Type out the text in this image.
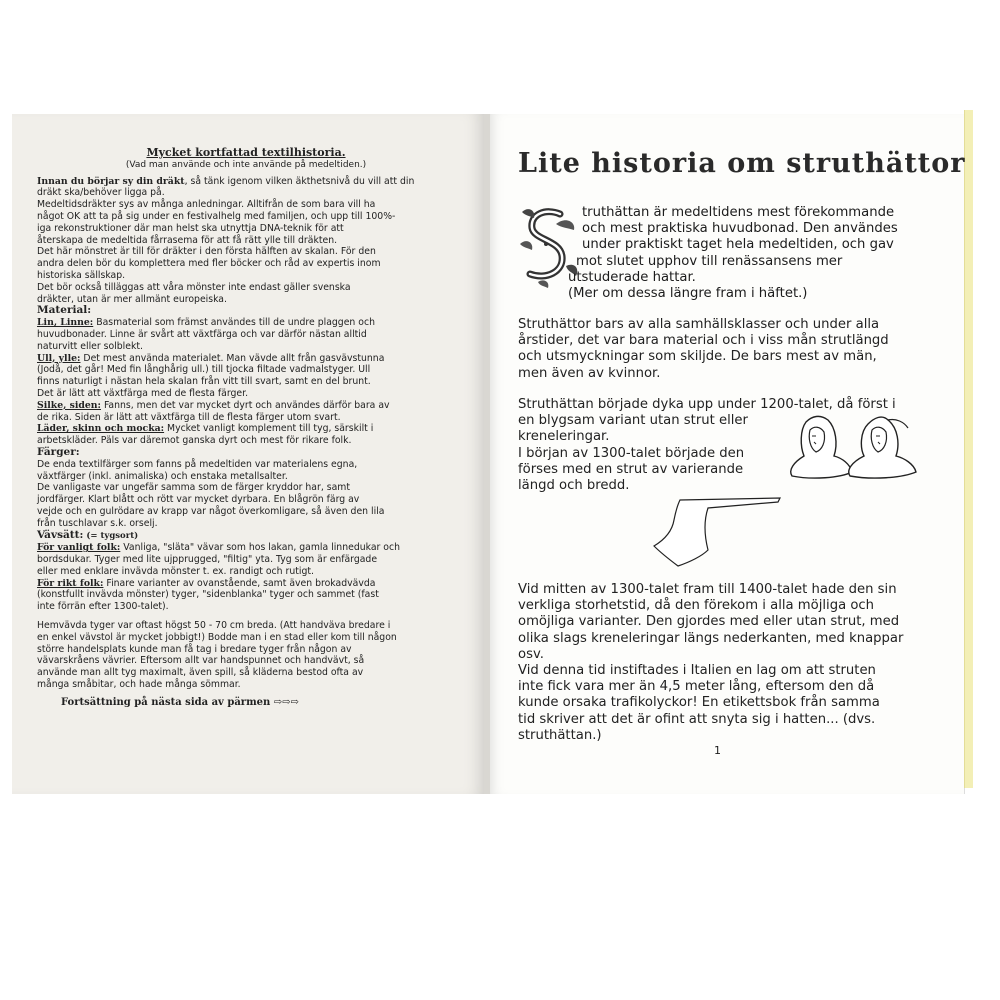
Mycket kortfattad textilhistoria.
(Vad man använde och inte använde på medeltiden.)
Innan du börjar sy din dräkt, så tänk igenom vilken äkthetsnivå du vill att din
dräkt ska/behöver ligga på.
Medeltidsdräkter sys av många anledningar. Alltifrån de som bara vill ha
något OK att ta på sig under en festivalhelg med familjen, och upp till 100%-
iga rekonstruktioner där man helst ska utnyttja DNA-teknik för att
återskapa de medeltida fårrasema för att få rätt ylle till dräkten.
Det här mönstret är till för dräkter i den första hälften av skalan. För den
andra delen bör du komplettera med fler böcker och råd av expertis inom
historiska sällskap.
Det bör också tilläggas att våra mönster inte endast gäller svenska
dräkter, utan är mer allmänt europeiska.
Material:
Lin, Linne: Basmaterial som främst användes till de undre plaggen och
huvudbonader. Linne är svårt att växtfärga och var därför nästan alltid
naturvitt eller solblekt.
Ull, ylle: Det mest använda materialet. Man vävde allt från gasvävstunna
(Jodå, det går! Med fin långhårig ull.) till tjocka filtade vadmalstyger. Ull
finns naturligt i nästan hela skalan från vitt till svart, samt en del brunt.
Det är lätt att växtfärga med de flesta färger.
Silke, siden: Fanns, men det var mycket dyrt och användes därför bara av
de rika. Siden är lätt att växtfärga till de flesta färger utom svart.
Läder, skinn och mocka: Mycket vanligt komplement till tyg, särskilt i
arbetskläder. Päls var däremot ganska dyrt och mest för rikare folk.
Färger:
De enda textilfärger som fanns på medeltiden var materialens egna,
växtfärger (inkl. animaliska) och enstaka metallsalter.
De vanligaste var ungefär samma som de färger kryddor har, samt
jordfärger. Klart blått och rött var mycket dyrbara. En blågrön färg av
vejde och en gulrödare av krapp var något överkomligare, så även den lila
från tuschlavar s.k. orselj.
Vävsätt: (= tygsort)
För vanligt folk: Vanliga, "släta" vävar som hos lakan, gamla linnedukar och
bordsdukar. Tyger med lite ujpprugged, "filtig" yta. Tyg som är enfärgade
eller med enklare invävda mönster t. ex. randigt och rutigt.
För rikt folk: Finare varianter av ovanstående, samt även brokadvävda
(konstfullt invävda mönster) tyger, "sidenblanka" tyger och sammet (fast
inte förrän efter 1300-talet).
Hemvävda tyger var oftast högst 50 - 70 cm breda. (Att handväva bredare i
en enkel vävstol är mycket jobbigt!) Bodde man i en stad eller kom till någon
större handelsplats kunde man få tag i bredare tyger från någon av
vävarskråens vävrier. Eftersom allt var handspunnet och handvävt, så
använde man allt tyg maximalt, även spill, så kläderna bestod ofta av
många småbitar, och hade många sömmar.
Fortsättning på nästa sida av pärmen ⇨⇨⇨
Lite historia om struthättor
truthättan är medeltidens mest förekommande
och mest praktiska huvudbonad. Den användes
under praktiskt taget hela medeltiden, och gav
mot slutet upphov till renässansens mer
utstuderade hattar.
(Mer om dessa längre fram i häftet.)
Struthättor bars av alla samhällsklasser och under alla
årstider, det var bara material och i viss mån strutlängd
och utsmyckningar som skiljde. De bars mest av män,
men även av kvinnor.
Struthättan började dyka upp under 1200-talet, då först i
en blygsam variant utan strut eller
kreneleringar.
I början av 1300-talet började den
förses med en strut av varierande
längd och bredd.
Vid mitten av 1300-talet fram till 1400-talet hade den sin
verkliga storhetstid, då den förekom i alla möjliga och
omöjliga varianter. Den gjordes med eller utan strut, med
olika slags kreneleringar längs nederkanten, med knappar
osv.
Vid denna tid instiftades i Italien en lag om att struten
inte fick vara mer än 4,5 meter lång, eftersom den då
kunde orsaka trafikolyckor! En etikettsbok från samma
tid skriver att det är ofint att snyta sig i hatten... (dvs.
struthättan.)
1
